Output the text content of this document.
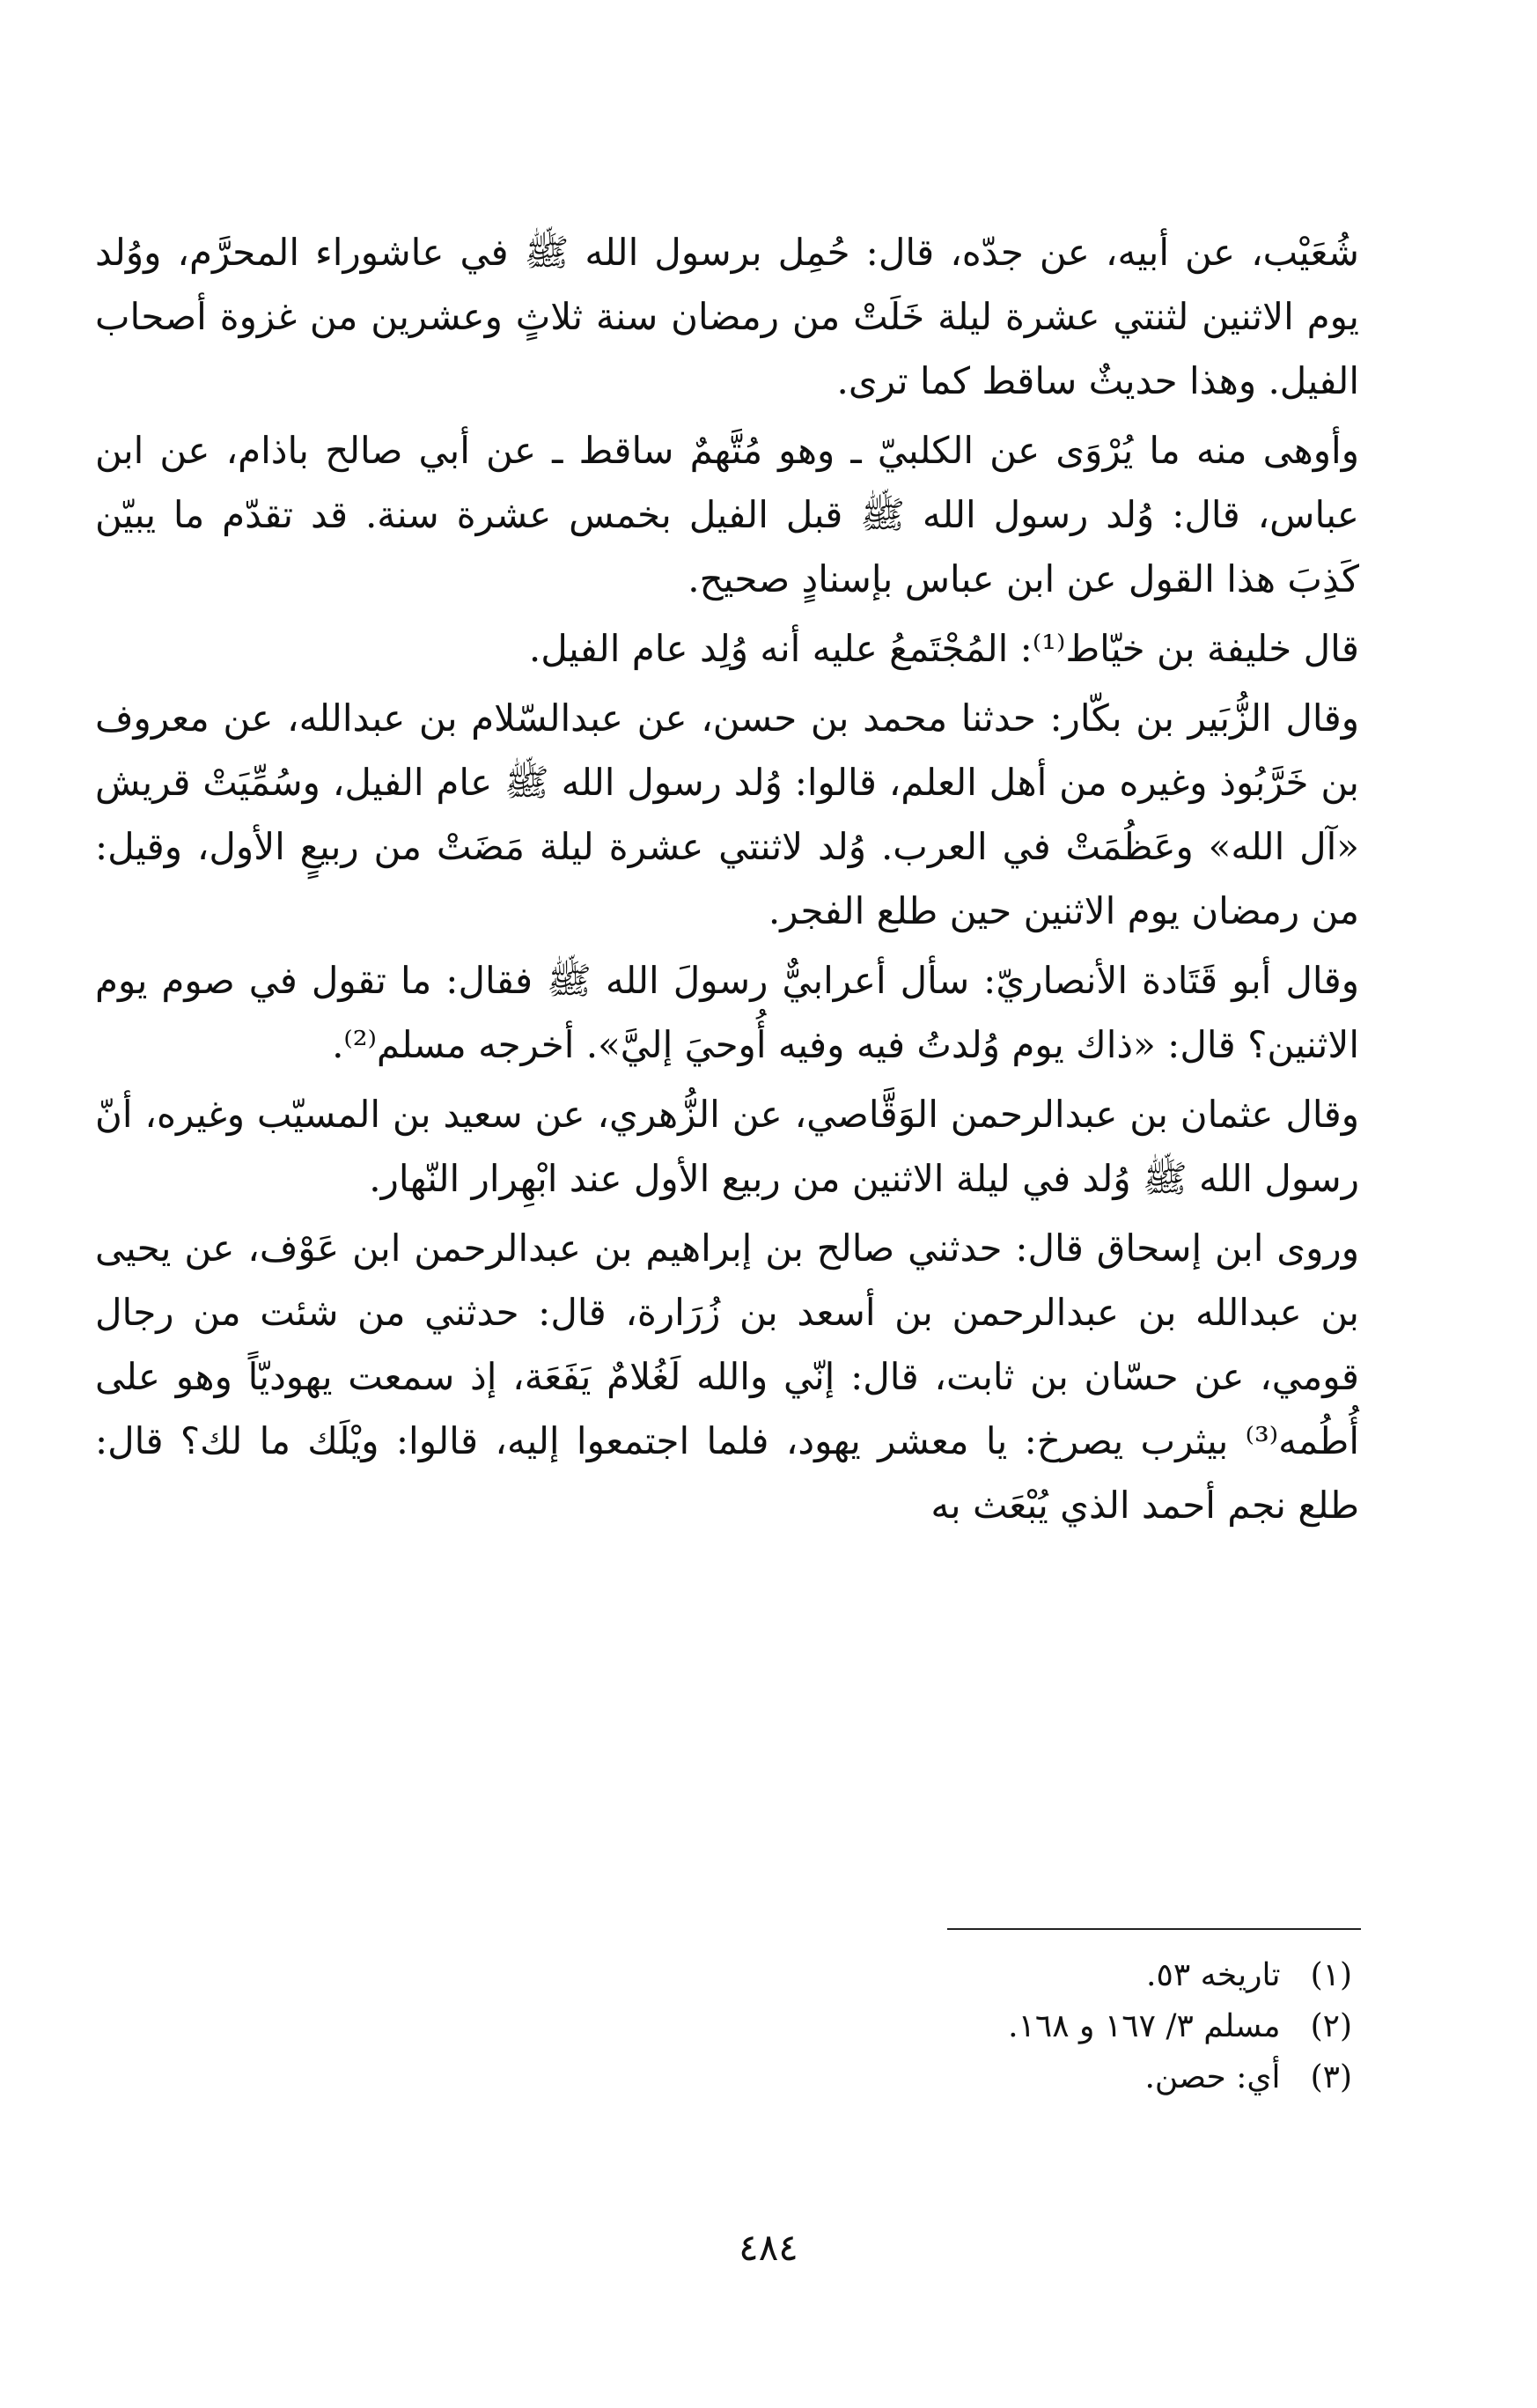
شُعَيْب، عن أبيه، عن جدّه، قال: حُمِل برسول الله ﷺ في عاشوراء المحرَّم، ووُلد يوم الاثنين لثنتي عشرة ليلة خَلَتْ من رمضان سنة ثلاثٍ وعشرين من غزوة أصحاب الفيل. وهذا حديثٌ ساقط كما ترى.

وأوهى منه ما يُرْوَى عن الكلبيّ ـ وهو مُتَّهمٌ ساقط ـ عن أبي صالح باذام، عن ابن عباس، قال: وُلد رسول الله ﷺ قبل الفيل بخمس عشرة سنة. قد تقدّم ما يبيّن كَذِبَ هذا القول عن ابن عباس بإسنادٍ صحيح.

قال خليفة بن خيّاط⁽¹⁾: المُجْتَمعُ عليه أنه وُلِد عام الفيل.

وقال الزُّبَير بن بكّار: حدثنا محمد بن حسن، عن عبدالسّلام بن عبدالله، عن معروف بن خَرَّبُوذ وغيره من أهل العلم، قالوا: وُلد رسول الله ﷺ عام الفيل، وسُمِّيَتْ قريش «آل الله» وعَظُمَتْ في العرب. وُلد لاثنتي عشرة ليلة مَضَتْ من ربيعٍ الأول، وقيل: من رمضان يوم الاثنين حين طلع الفجر.

وقال أبو قَتَادة الأنصاريّ: سأل أعرابيٌّ رسولَ الله ﷺ فقال: ما تقول في صوم يوم الاثنين؟ قال: «ذاك يوم وُلدتُ فيه وفيه أُوحيَ إليَّ». أخرجه مسلم⁽²⁾.

وقال عثمان بن عبدالرحمن الوَقَّاصي، عن الزُّهري، عن سعيد بن المسيّب وغيره، أنّ رسول الله ﷺ وُلد في ليلة الاثنين من ربيع الأول عند ابْهِرار النّهار.

وروى ابن إسحاق قال: حدثني صالح بن إبراهيم بن عبدالرحمن ابن عَوْف، عن يحيى بن عبدالله بن عبدالرحمن بن أسعد بن زُرَارة، قال: حدثني من شئت من رجال قومي، عن حسّان بن ثابت، قال: إنّي والله لَغُلامٌ يَفَعَة، إذ سمعت يهوديّاً وهو على أُطُمه⁽³⁾ بيثرب يصرخ: يا معشر يهود، فلما اجتمعوا إليه، قالوا: ويْلَك ما لك؟ قال: طلع نجم أحمد الذي يُبْعَث به

(١) تاريخه ٥٣.

(٢) مسلم ٣/ ١٦٧ و ١٦٨.

(٣) أي: حصن.

٤٨٤
